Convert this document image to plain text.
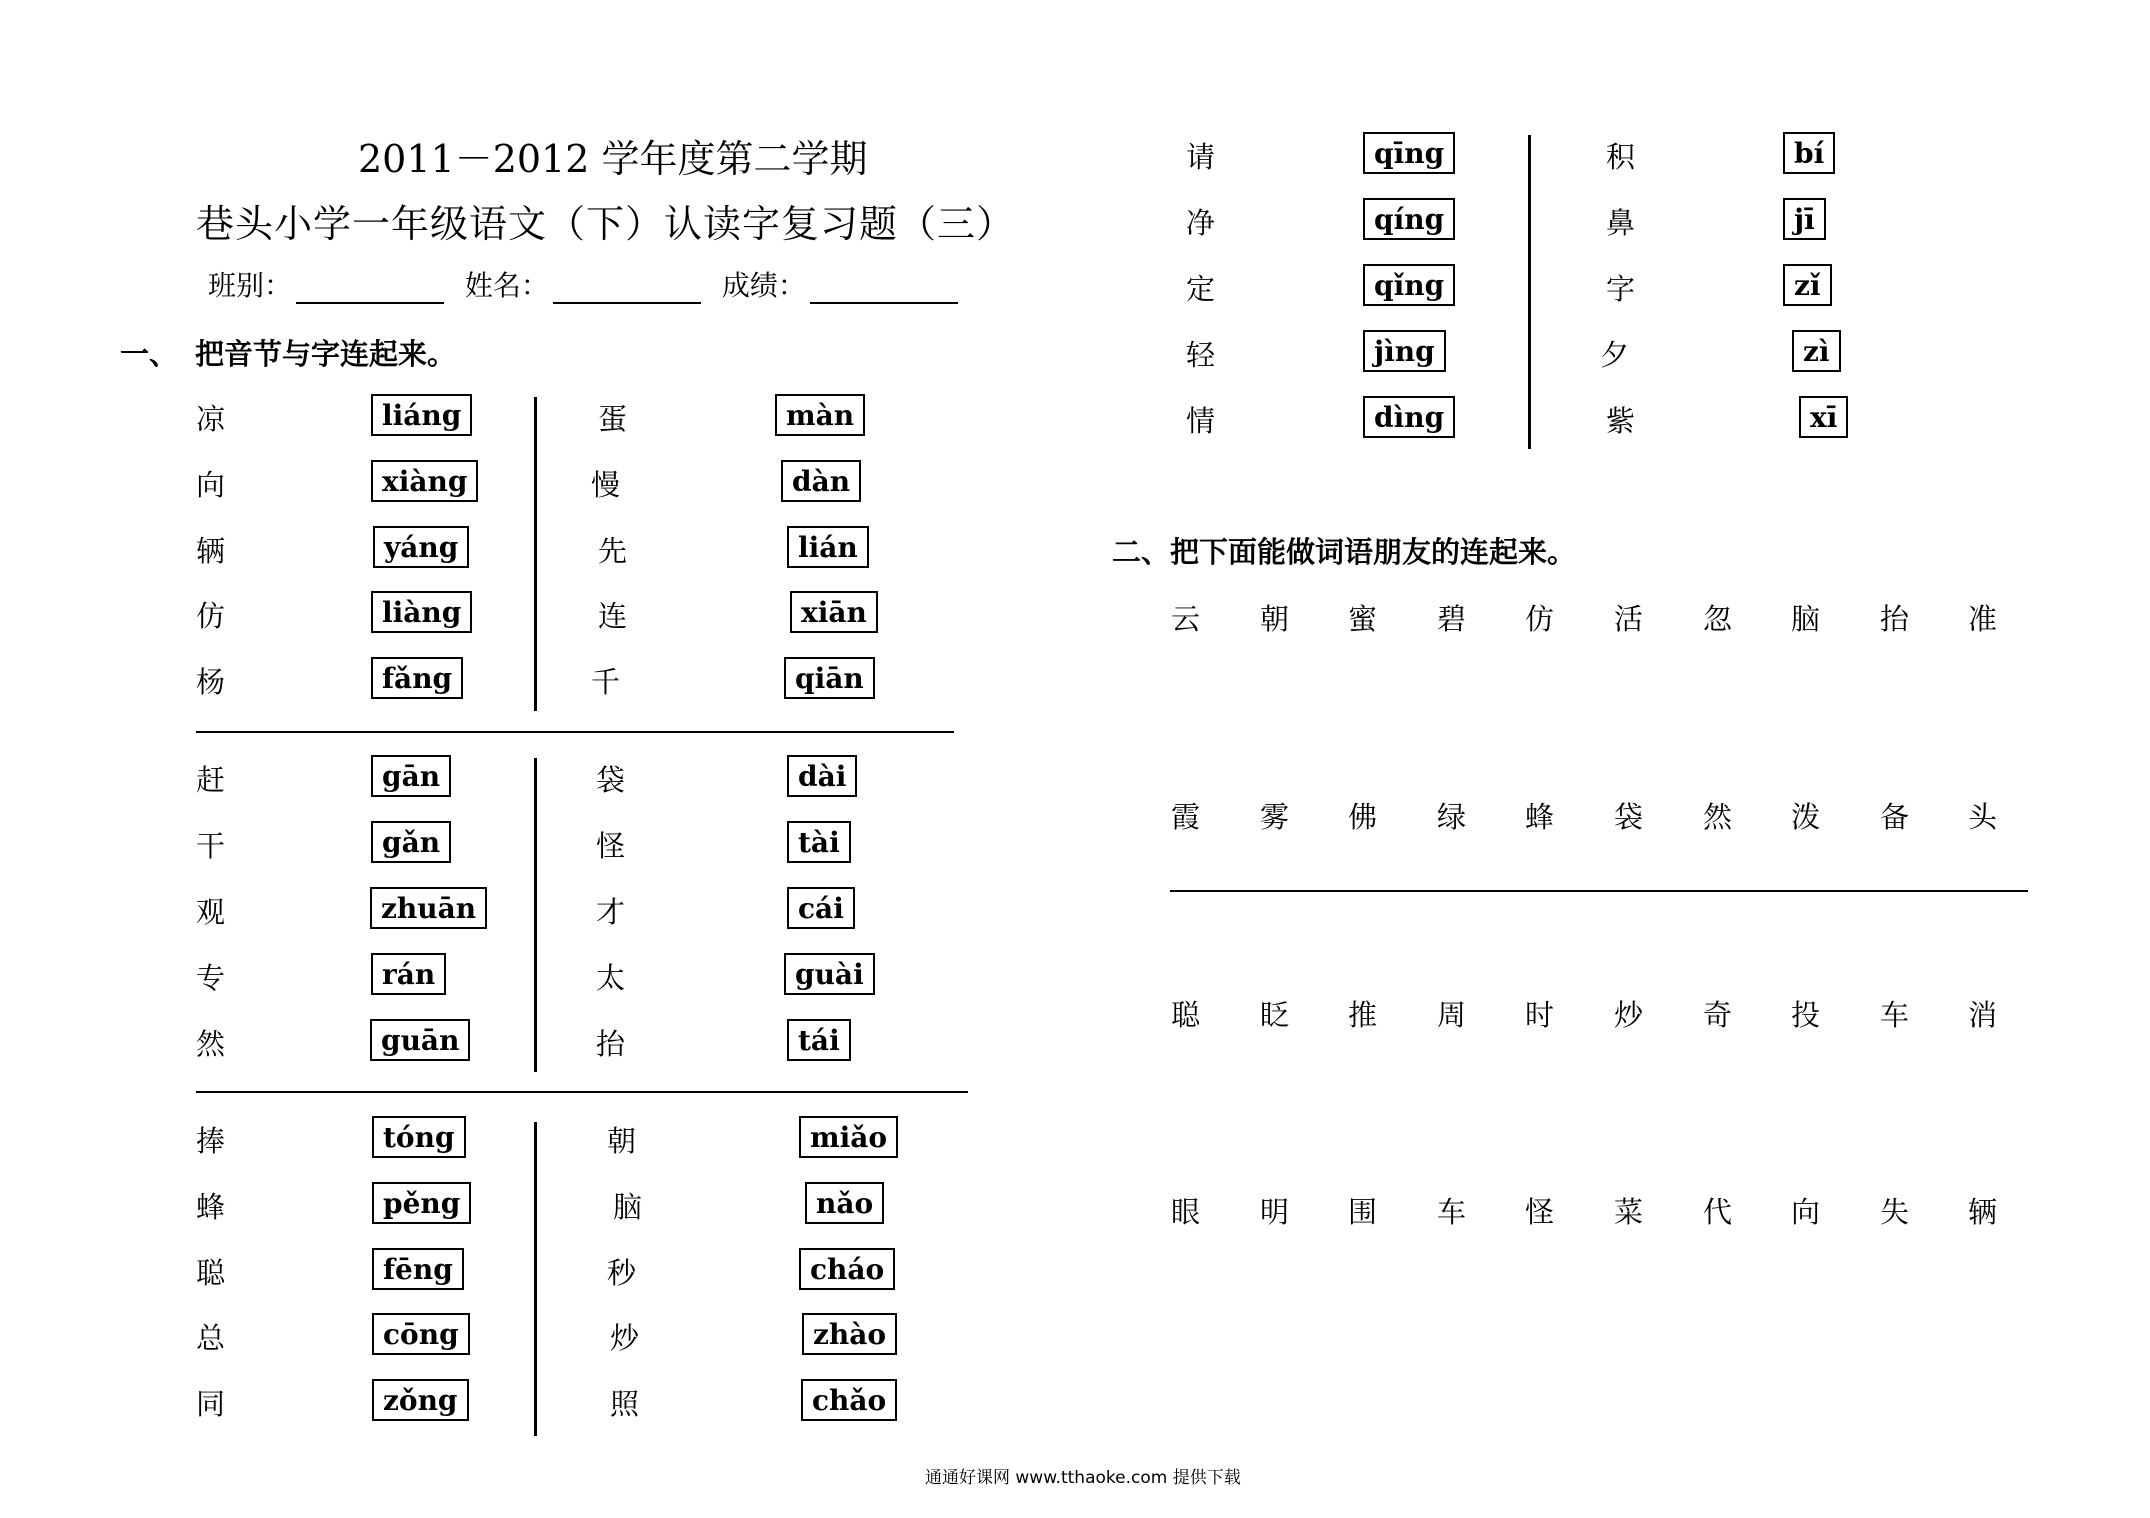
2011－2012 学年度第二学期
巷头小学一年级语文（下）认读字复习题（三）
班别：	姓名：	成绩：
一、 把音节与字连起来。
凉
向
辆
仿
杨
liáng
xiàng
yáng
liàng
fǎng
蛋
慢
先
连
千
màn
dàn
lián
xiān
qiān
赶
干
观
专
然
gān
gǎn
zhuān
rán
guān
袋
怪
才
太
抬
dài
tài
cái
guài
tái
捧
蜂
聪
总
同
tóng
pěng
fēng
cōng
zǒng
朝
脑
秒
炒
照
miǎo
nǎo
cháo
zhào
chǎo
请
净
定
轻
情
qīng
qíng
qǐng
jìng
dìng
积
鼻
字
夕
紫
bí
jī
zǐ
zì
xī
二、把下面能做词语朋友的连起来。
云 朝 蜜 碧 仿 活 忽 脑 抬 准
霞 雾 佛 绿 蜂 袋 然 泼 备 头
聪 眨 推 周 时 炒 奇 投 车 消
眼 明 围 车 怪 菜 代 向 失 辆
通通好课网 www.tthaoke.com 提供下载
